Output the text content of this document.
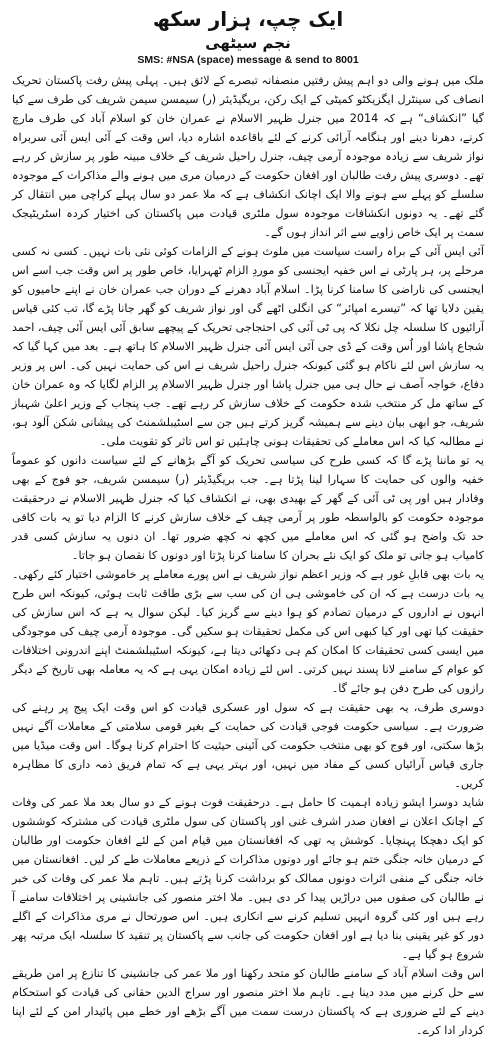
ایک چپ، ہزار سکھ
نجم سیٹھی
SMS: #NSA (space) message & send to 8001

ملک میں ہونے والی دو اہم پیش رفتیں منصفانہ تبصرے کے لائق ہیں۔ پہلی پیش رفت پاکستان تحریک انصاف کی سینٹرل ایگزیکٹو کمیٹی کے ایک رکن، بریگیڈیئر (ر) سیمسن سیمن شریف کی طرف سے کیا گیا ”انکشاف“ ہے کہ 2014 میں جنرل ظہیر الاسلام نے عمران خان کو اسلام آباد کی طرف مارچ کرنے، دھرنا دینے اور ہنگامہ آرائی کرنے کے لئے باقاعدہ اشارہ دیا، اس وقت کے آئی ایس آئی سربراہ نواز شریف سے زیادہ موجودہ آرمی چیف، جنرل راحیل شریف کے خلاف مبینہ طور پر سازش کر رہے تھے۔ دوسری پیش رفت طالبان اور افغان حکومت کے درمیان مری میں ہونے والے مذاکرات کے موجودہ سلسلے کو پہلے سے ہونے والا ایک اچانک انکشاف ہے کہ ملا عمر دو سال پہلے کراچی میں انتقال کر گئے تھے۔ یہ دونوں انکشافات موجودہ سول ملٹری قیادت میں پاکستان کی اختیار کردہ اسٹریٹیجک سمت پر ایک خاص زاویے سے اثر انداز ہوں گے۔

آئی ایس آئی کے براہ راست سیاست میں ملوث ہونے کے الزامات کوئی نئی بات نہیں۔ کسی نہ کسی مرحلے پر، ہر پارٹی نے اس خفیہ ایجنسی کو موردِ الزام ٹھہرایا، خاص طور پر اس وقت جب اسے اس ایجنسی کی ناراضی کا سامنا کرنا پڑا۔ اسلام آباد دھرنے کے دوران جب عمران خان نے اپنے حامیوں کو یقین دلایا تھا کہ ”تیسرے امپائر“ کی انگلی اٹھے گی اور نواز شریف کو گھر جانا پڑے گا، تب کئی قیاس آرائیوں کا سلسلہ چل نکلا کہ پی ٹی آئی کی احتجاجی تحریک کے پیچھے سابق آئی ایس آئی چیف، احمد شجاع پاشا اور اُس وقت کے ڈی جی آئی ایس آئی جنرل ظہیر الاسلام کا ہاتھ ہے۔ بعد میں کہا گیا کہ یہ سازش اس لئے ناکام ہو گئی کیونکہ جنرل راحیل شریف نے اس کی حمایت نہیں کی۔ اس پر وزیر دفاع، خواجہ آصف نے حال ہی میں جنرل پاشا اور جنرل ظہیر الاسلام پر الزام لگایا کہ وہ عمران خان کے ساتھ مل کر منتخب شدہ حکومت کے خلاف سازش کر رہے تھے۔ جب پنجاب کے وزیر اعلیٰ شہباز شریف، جو ابھی بیان دینے سے ہمیشہ گریز کرتے ہیں جن سے اسٹیبلشمنٹ کی پیشانی شکن آلود ہو، نے مطالبہ کیا کہ اس معاملے کی تحقیقات ہونی چاہئیں تو اس تاثر کو تقویت ملی۔

یہ تو ماننا پڑے گا کہ کسی طرح کی سیاسی تحریک کو آگے بڑھانے کے لئے سیاست دانوں کو عموماً خفیہ والوں کی حمایت کا سہارا لینا پڑتا ہے۔ جب بریگیڈیئر (ر) سیمسن شریف، جو فوج کے بھی وفادار ہیں اور پی ٹی آئی کے گھر کے بھیدی بھی، نے انکشاف کیا کہ جنرل ظہیر الاسلام نے درحقیقت موجودہ حکومت کو بالواسطہ طور پر آرمی چیف کے خلاف سازش کرنے کا الزام دیا تو یہ بات کافی حد تک واضح ہو گئی کہ اس معاملے میں کچھ نہ کچھ ضرور تھا۔ ان دنوں یہ سازش کسی قدر کامیاب ہو جاتی تو ملک کو ایک نئے بحران کا سامنا کرنا پڑتا اور دونوں کا نقصان ہو جاتا۔

یہ بات بھی قابلِ غور ہے کہ وزیر اعظم نواز شریف نے اس پورے معاملے پر خاموشی اختیار کئے رکھی۔ یہ بات درست ہے کہ ان کی خاموشی ہی ان کی سب سے بڑی طاقت ثابت ہوئی، کیونکہ اس طرح انہوں نے اداروں کے درمیان تصادم کو ہوا دینے سے گریز کیا۔ لیکن سوال یہ ہے کہ اس سازش کی حقیقت کیا تھی اور کیا کبھی اس کی مکمل تحقیقات ہو سکیں گی۔ موجودہ آرمی چیف کی موجودگی میں ایسی کسی تحقیقات کا امکان کم ہی دکھائی دیتا ہے، کیونکہ اسٹیبلشمنٹ اپنے اندرونی اختلافات کو عوام کے سامنے لانا پسند نہیں کرتی۔ اس لئے زیادہ امکان یہی ہے کہ یہ معاملہ بھی تاریخ کے دیگر رازوں کی طرح دفن ہو جائے گا۔

دوسری طرف، یہ بھی حقیقت ہے کہ سول اور عسکری قیادت کو اس وقت ایک پیج پر رہنے کی ضرورت ہے۔ سیاسی حکومت فوجی قیادت کی حمایت کے بغیر قومی سلامتی کے معاملات آگے نہیں بڑھا سکتی، اور فوج کو بھی منتخب حکومت کی آئینی حیثیت کا احترام کرنا ہوگا۔ اس وقت میڈیا میں جاری قیاس آرائیاں کسی کے مفاد میں نہیں، اور بہتر یہی ہے کہ تمام فریق ذمہ داری کا مظاہرہ کریں۔

شاید دوسرا ایشو زیادہ اہمیت کا حامل ہے۔ درحقیقت فوت ہونے کے دو سال بعد ملا عمر کی وفات کے اچانک اعلان نے افغان صدر اشرف غنی اور پاکستان کی سول ملٹری قیادت کی مشترکہ کوششوں کو ایک دھچکا پہنچایا۔ کوشش یہ تھی کہ افغانستان میں قیام امن کے لئے افغان حکومت اور طالبان کے درمیان خانہ جنگی ختم ہو جائے اور دونوں مذاکرات کے ذریعے معاملات طے کر لیں۔ افغانستان میں خانہ جنگی کے منفی اثرات دونوں ممالک کو برداشت کرنا پڑتے ہیں۔ تاہم ملا عمر کی وفات کی خبر نے طالبان کی صفوں میں دراڑیں پیدا کر دی ہیں۔ ملا اختر منصور کی جانشینی پر اختلافات سامنے آ رہے ہیں اور کئی گروہ انہیں تسلیم کرنے سے انکاری ہیں۔ اس صورتحال نے مری مذاکرات کے اگلے دور کو غیر یقینی بنا دیا ہے اور افغان حکومت کی جانب سے پاکستان پر تنقید کا سلسلہ ایک مرتبہ پھر شروع ہو گیا ہے۔

اس وقت اسلام آباد کے سامنے طالبان کو متحد رکھنا اور ملا عمر کی جانشینی کا تنازع پر امن طریقے سے حل کرنے میں مدد دینا ہے۔ تاہم ملا اختر منصور اور سراج الدین حقانی کی قیادت کو استحکام دینے کے لئے ضروری ہے کہ پاکستان درست سمت میں آگے بڑھے اور خطے میں پائیدار امن کے لئے اپنا کردار ادا کرے۔
